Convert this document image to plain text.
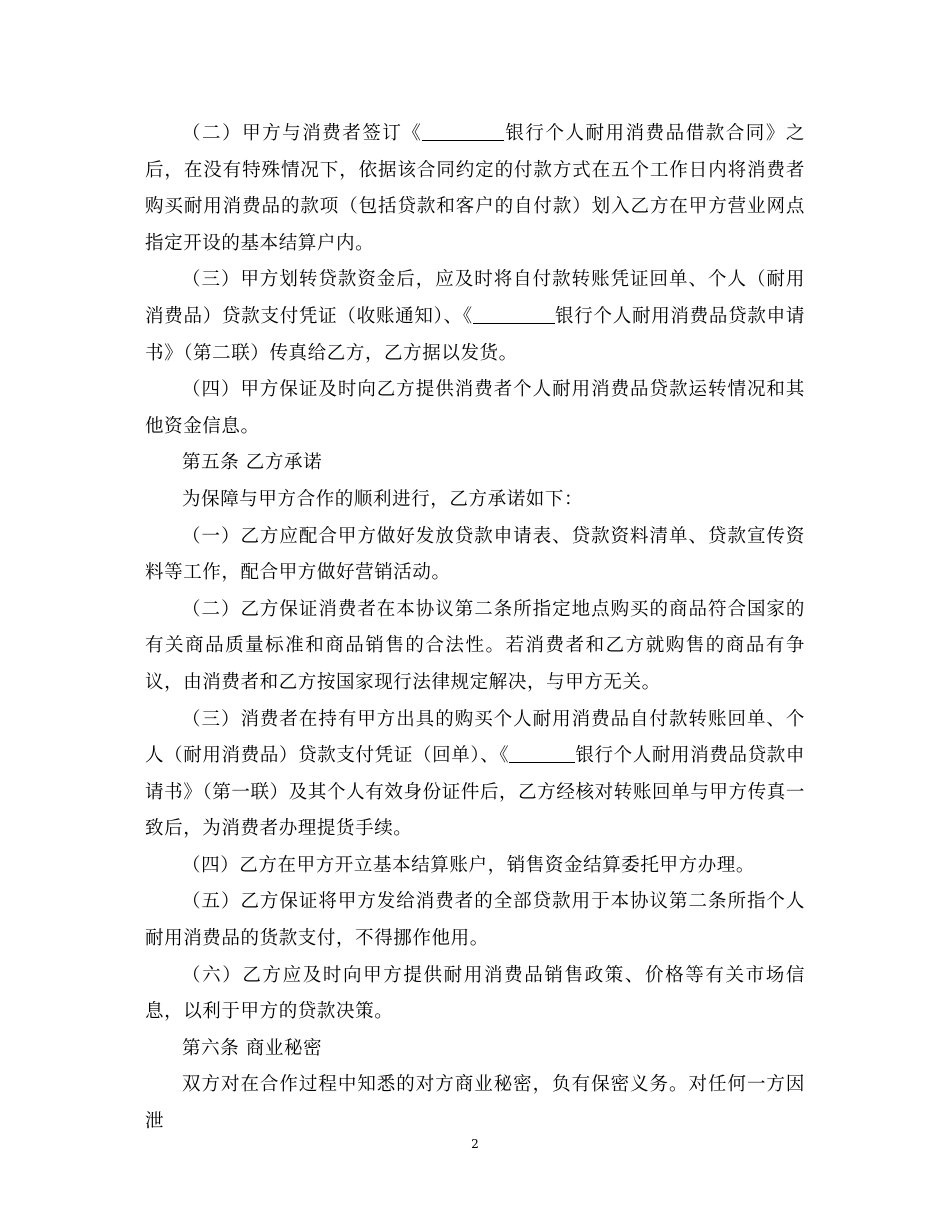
（二）甲方与消费者签订《	银行个人耐用消费品借款合同》之后，在没有特殊情况下，依据该合同约定的付款方式在五个工作日内将消费者购买耐用消费品的款项（包括贷款和客户的自付款）划入乙方在甲方营业网点指定开设的基本结算户内。

（三）甲方划转贷款资金后，应及时将自付款转账凭证回单、个人（耐用消费品）贷款支付凭证（收账通知）、《	银行个人耐用消费品贷款申请书》（第二联）传真给乙方，乙方据以发货。

（四）甲方保证及时向乙方提供消费者个人耐用消费品贷款运转情况和其他资金信息。

第五条 乙方承诺

为保障与甲方合作的顺利进行，乙方承诺如下：

（一）乙方应配合甲方做好发放贷款申请表、贷款资料清单、贷款宣传资料等工作，配合甲方做好营销活动。

（二）乙方保证消费者在本协议第二条所指定地点购买的商品符合国家的有关商品质量标准和商品销售的合法性。若消费者和乙方就购售的商品有争议，由消费者和乙方按国家现行法律规定解决，与甲方无关。

（三）消费者在持有甲方出具的购买个人耐用消费品自付款转账回单、个人（耐用消费品）贷款支付凭证（回单）、《	银行个人耐用消费品贷款申请书》（第一联）及其个人有效身份证件后，乙方经核对转账回单与甲方传真一致后，为消费者办理提货手续。

（四）乙方在甲方开立基本结算账户，销售资金结算委托甲方办理。

（五）乙方保证将甲方发给消费者的全部贷款用于本协议第二条所指个人耐用消费品的货款支付，不得挪作他用。

（六）乙方应及时向甲方提供耐用消费品销售政策、价格等有关市场信息，以利于甲方的贷款决策。

第六条 商业秘密

双方对在合作过程中知悉的对方商业秘密，负有保密义务。对任何一方因泄

2
